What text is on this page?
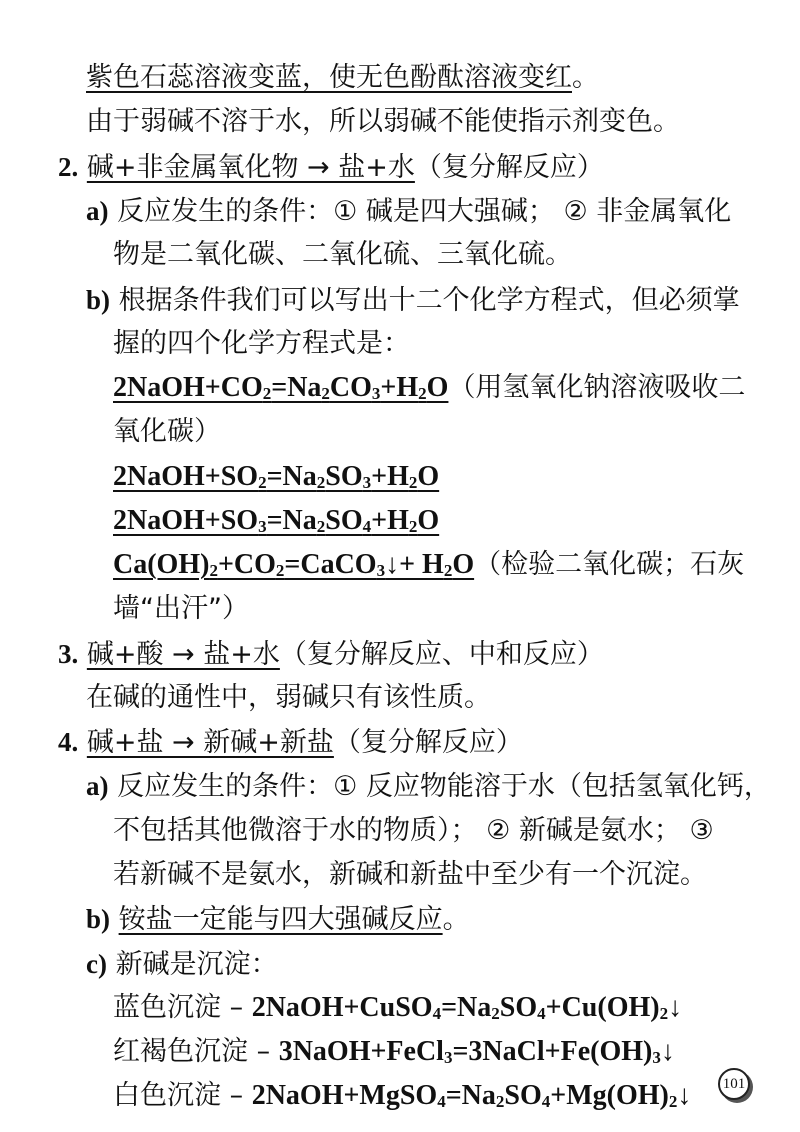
紫色石蕊溶液变蓝，使无色酚酞溶液变红。
由于弱碱不溶于水，所以弱碱不能使指示剂变色。
2. 碱+非金属氧化物 → 盐+水（复分解反应）
a) 反应发生的条件：① 碱是四大强碱； ② 非金属氧化
物是二氧化碳、二氧化硫、三氧化硫。
b) 根据条件我们可以写出十二个化学方程式，但必须掌
握的四个化学方程式是：
$2NaOH+CO_2=Na_2CO_3+H_2O$（用氢氧化钠溶液吸收二
氧化碳）
$2NaOH+SO_2=Na_2SO_3+H_2O$
$2NaOH+SO_3=Na_2SO_4+H_2O$
$Ca(OH)_2+CO_2=CaCO_3↓+ H_2O$（检验二氧化碳；石灰
墙“出汗”）
3. 碱+酸 → 盐+水（复分解反应、中和反应）
在碱的通性中，弱碱只有该性质。
4. 碱+盐 → 新碱+新盐（复分解反应）
a) 反应发生的条件：① 反应物能溶于水（包括氢氧化钙，
不包括其他微溶于水的物质）； ② 新碱是氨水； ③
若新碱不是氨水，新碱和新盐中至少有一个沉淀。
b) 铵盐一定能与四大强碱反应。
c) 新碱是沉淀：
蓝色沉淀 – $2NaOH+CuSO_4=Na_2SO_4+Cu(OH)_2↓$
红褐色沉淀 – $3NaOH+FeCl_3=3NaCl+Fe(OH)_3↓$
白色沉淀 – $2NaOH+MgSO_4=Na_2SO_4+Mg(OH)_2↓$	101
